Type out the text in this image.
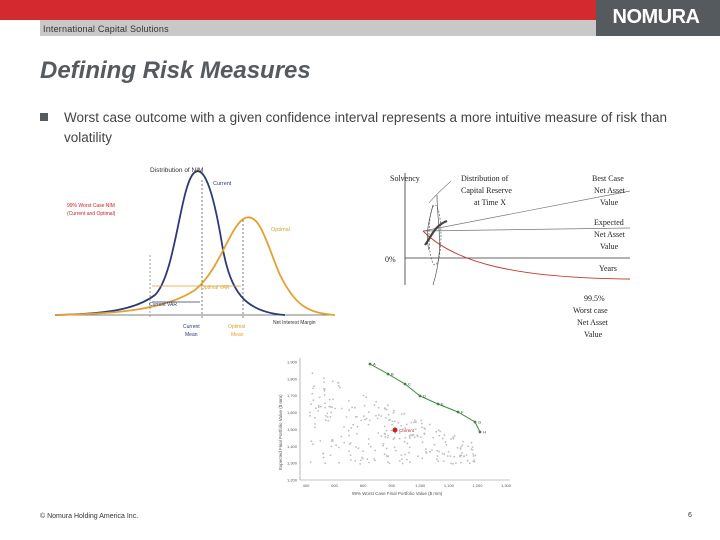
International Capital Solutions
NOMURA
Defining Risk Measures
Worst case outcome with a given confidence interval represents a more intuitive measure of risk than volatility
Distribution of NIM
Current
99% Worst Case NIM
(Current and Optimal)
Optimal
Optimal VAR
Current VAR
Current
Mean
Optimal
Mean
Net Interest Margin
Solvency	Distribution of
Capital Reserve
at Time X
Best Case
Net Asset
Value
Expected
Net Asset
Value
0%
Years
99.5%
Worst case
Net Asset
Value
A
B
C
D
E
F
G
H
Current
1,900
1,800
1,700
1,600
1,500
1,400
1,300
1,200
400	600	800	900	1,000	1,100	1,200	1,300
Expected Final Portfolio Value ($ mm)
99% Worst Case Final Portfolio Value ($ mm)
© Nomura Holding America Inc.	6
